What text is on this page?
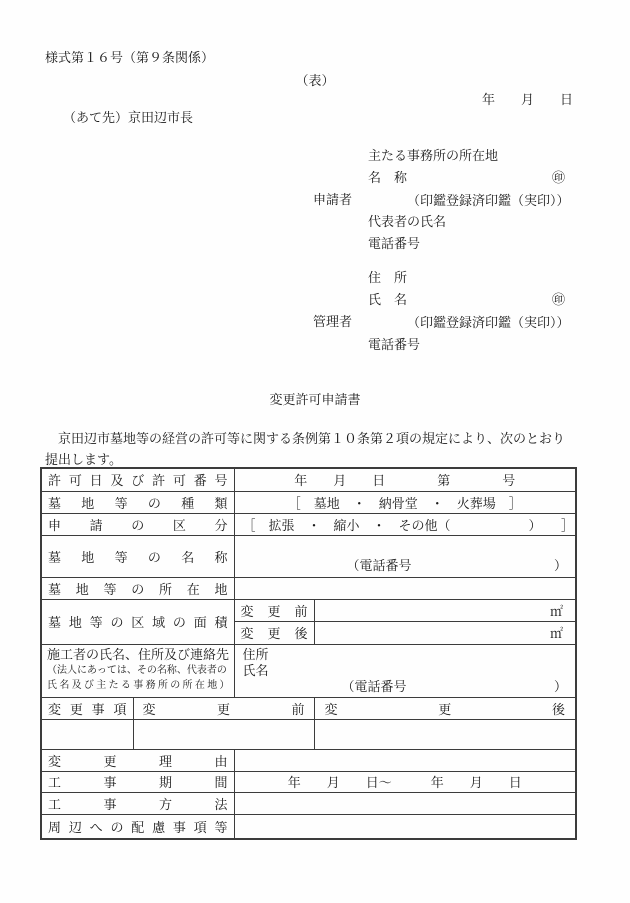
様式第１６号（第９条関係）
（表）
年　　月　　日
（あて先）京田辺市長
主たる事務所の所在地
名　称	㊞
申請者	（印鑑登録済印鑑（実印））
代表者の氏名
電話番号
住　所
氏　名	㊞
管理者	（印鑑登録済印鑑（実印））
電話番号
変更許可申請書
　京田辺市墓地等の経営の許可等に関する条例第１０条第２項の規定により、次のとおり
提出します。
許可日及び許可番号		年　　月　　日　　　　第　　　　号	

墓地等の種類		［　墓地　・　納骨堂　・　火葬場　］	

申請の区分		［　拡張　・　縮小　・　その他（　　　　　　）　　］	

墓地等の名称		（電話番号 ）	

墓地等の所在地			

墓地等の区域の面積		変更前	㎡

		変更後	㎡

施工者の氏名、住所及び連絡先
（法人にあっては、その名称、代表者の
氏名及び主たる事務所の所在地）

住所
氏名
（電話番号	）

変更事項	変　更　前		変　更　後

変更理由			

工事期間		年　　月　　日～　　　年　　月　　日	

工事方法			

周辺への配慮事項等			
